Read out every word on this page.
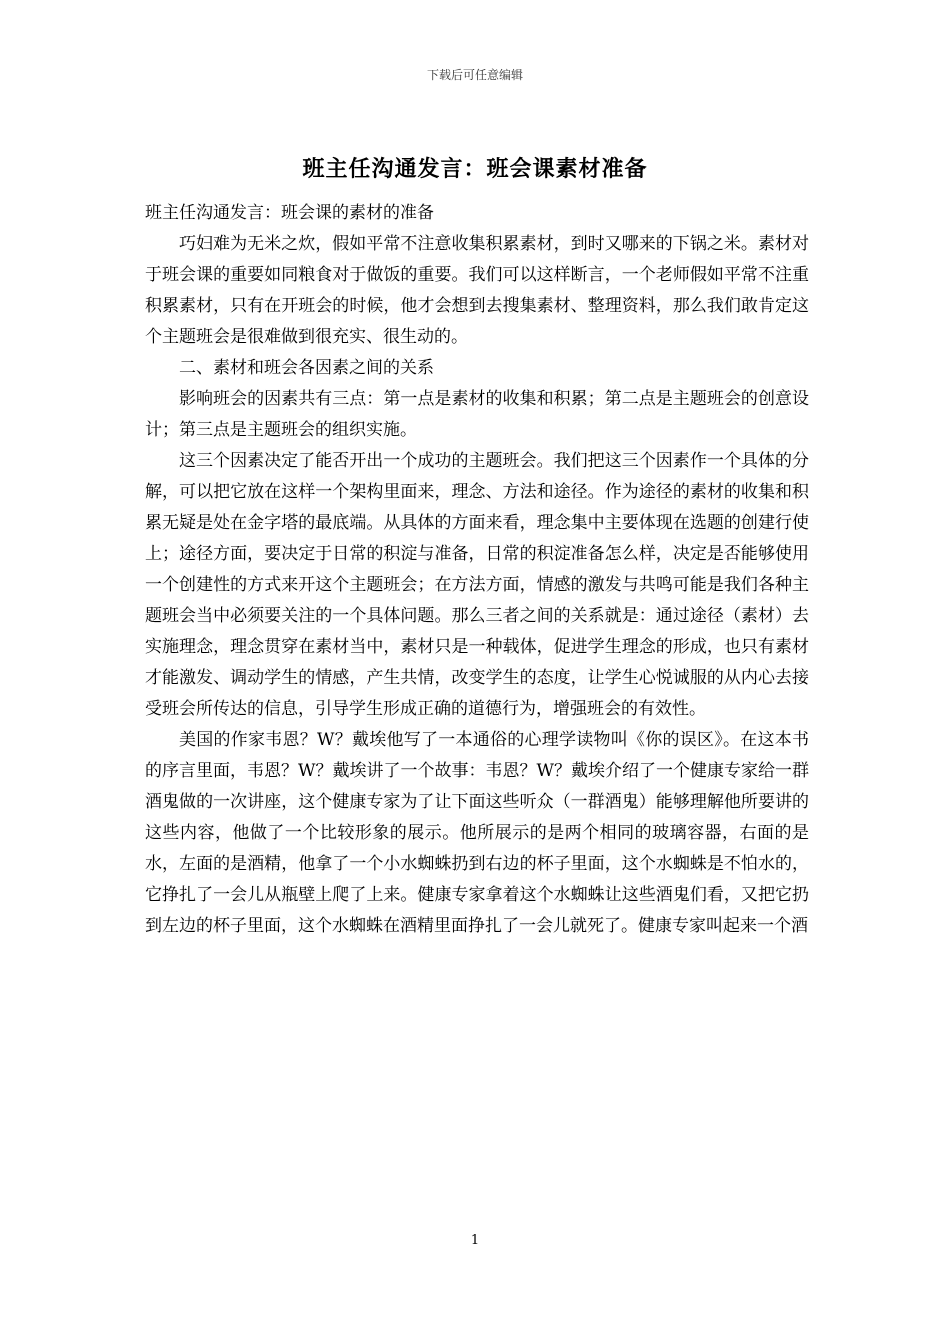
下载后可任意编辑
班主任沟通发言：班会课素材准备

班主任沟通发言：班会课的素材的准备

巧妇难为无米之炊，假如平常不注意收集积累素材，到时又哪来的下锅之米。素材对于班会课的重要如同粮食对于做饭的重要。我们可以这样断言，一个老师假如平常不注重积累素材，只有在开班会的时候，他才会想到去搜集素材、整理资料，那么我们敢肯定这个主题班会是很难做到很充实、很生动的。

二、素材和班会各因素之间的关系

影响班会的因素共有三点：第一点是素材的收集和积累；第二点是主题班会的创意设计；第三点是主题班会的组织实施。

这三个因素决定了能否开出一个成功的主题班会。我们把这三个因素作一个具体的分解，可以把它放在这样一个架构里面来，理念、方法和途径。作为途径的素材的收集和积累无疑是处在金字塔的最底端。从具体的方面来看，理念集中主要体现在选题的创建行使上；途径方面，要决定于日常的积淀与准备，日常的积淀准备怎么样，决定是否能够使用一个创建性的方式来开这个主题班会；在方法方面，情感的激发与共鸣可能是我们各种主题班会当中必须要关注的一个具体问题。那么三者之间的关系就是：通过途径（素材）去实施理念，理念贯穿在素材当中，素材只是一种载体，促进学生理念的形成，也只有素材才能激发、调动学生的情感，产生共情，改变学生的态度，让学生心悦诚服的从内心去接受班会所传达的信息，引导学生形成正确的道德行为，增强班会的有效性。

美国的作家韦恩？W？戴埃他写了一本通俗的心理学读物叫《你的误区》。在这本书的序言里面，韦恩？W？戴埃讲了一个故事：韦恩？W？戴埃介绍了一个健康专家给一群酒鬼做的一次讲座，这个健康专家为了让下面这些听众（一群酒鬼）能够理解他所要讲的这些内容，他做了一个比较形象的展示。他所展示的是两个相同的玻璃容器，右面的是水，左面的是酒精，他拿了一个小水蜘蛛扔到右边的杯子里面，这个水蜘蛛是不怕水的，它挣扎了一会儿从瓶壁上爬了上来。健康专家拿着这个水蜘蛛让这些酒鬼们看，又把它扔到左边的杯子里面，这个水蜘蛛在酒精里面挣扎了一会儿就死了。健康专家叫起来一个酒

1
